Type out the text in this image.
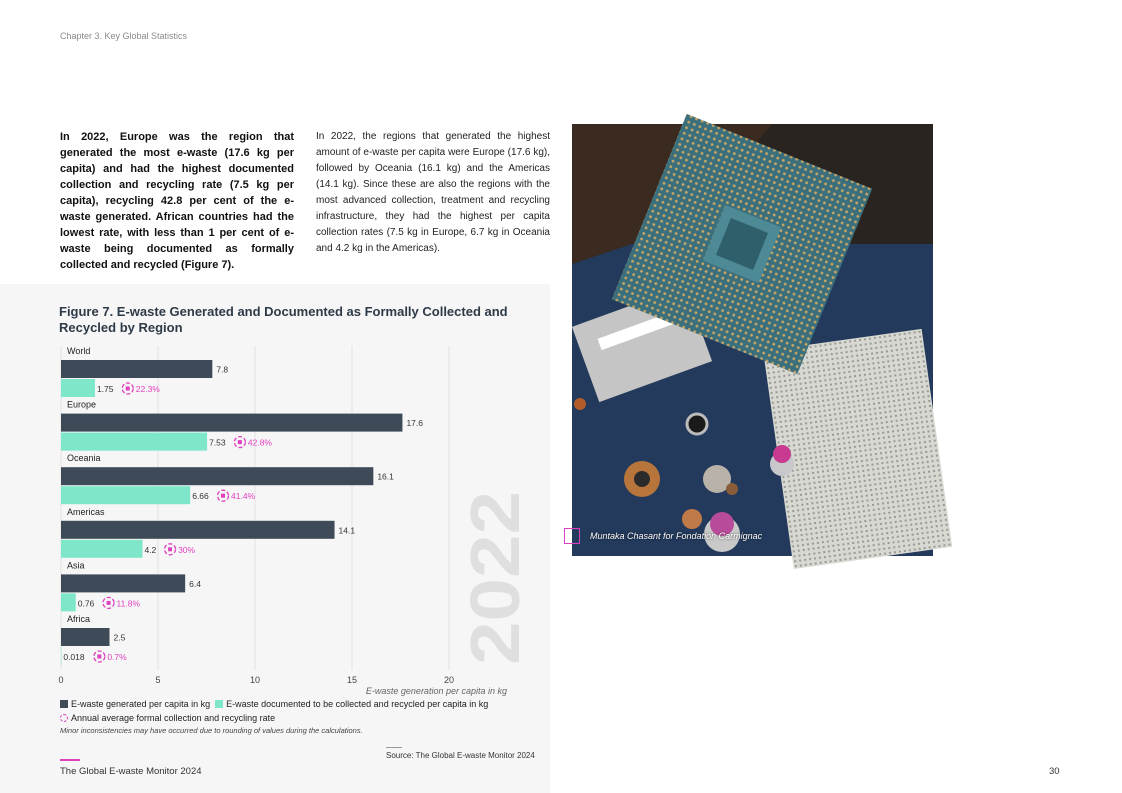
Chapter 3. Key Global Statistics
In 2022, Europe was the region that generated the most e-waste (17.6 kg per capita) and had the highest documented collection and recycling rate (7.5 kg per capita), recycling 42.8 per cent of the e-waste generated. African countries had the lowest rate, with less than 1 per cent of e-waste being documented as formally collected and recycled (Figure 7).
In 2022, the regions that generated the highest amount of e-waste per capita were Europe (17.6 kg), followed by Oceania (16.1 kg) and the Americas (14.1 kg). Since these are also the regions with the most advanced collection, treatment and recycling infrastructure, they had the highest per capita collection rates (7.5 kg in Europe, 6.7 kg in Oceania and 4.2 kg in the Americas).
Figure 7. E-waste Generated and Documented as Formally Collected and Recycled by Region
2022
World
7.8
1.75	22.3%
Europe
17.6
7.53	42.8%
Oceania
16.1
6.66	41.4%
Americas
14.1
4.2	30%
Asia
6.4
0.76	11.8%
Africa
2.5
0.018	0.7%
0	5	10	15	20
E-waste generation per capita in kg
E-waste generated per capita in kg E-waste documented to be collected and recycled per capita in kg
Annual average formal collection and recycling rate
Minor inconsistencies may have occurred due to rounding of values during the calculations.
Source: The Global E-waste Monitor 2024
The Global E-waste Monitor 2024	30
Muntaka Chasant for Fondation Carmignac
